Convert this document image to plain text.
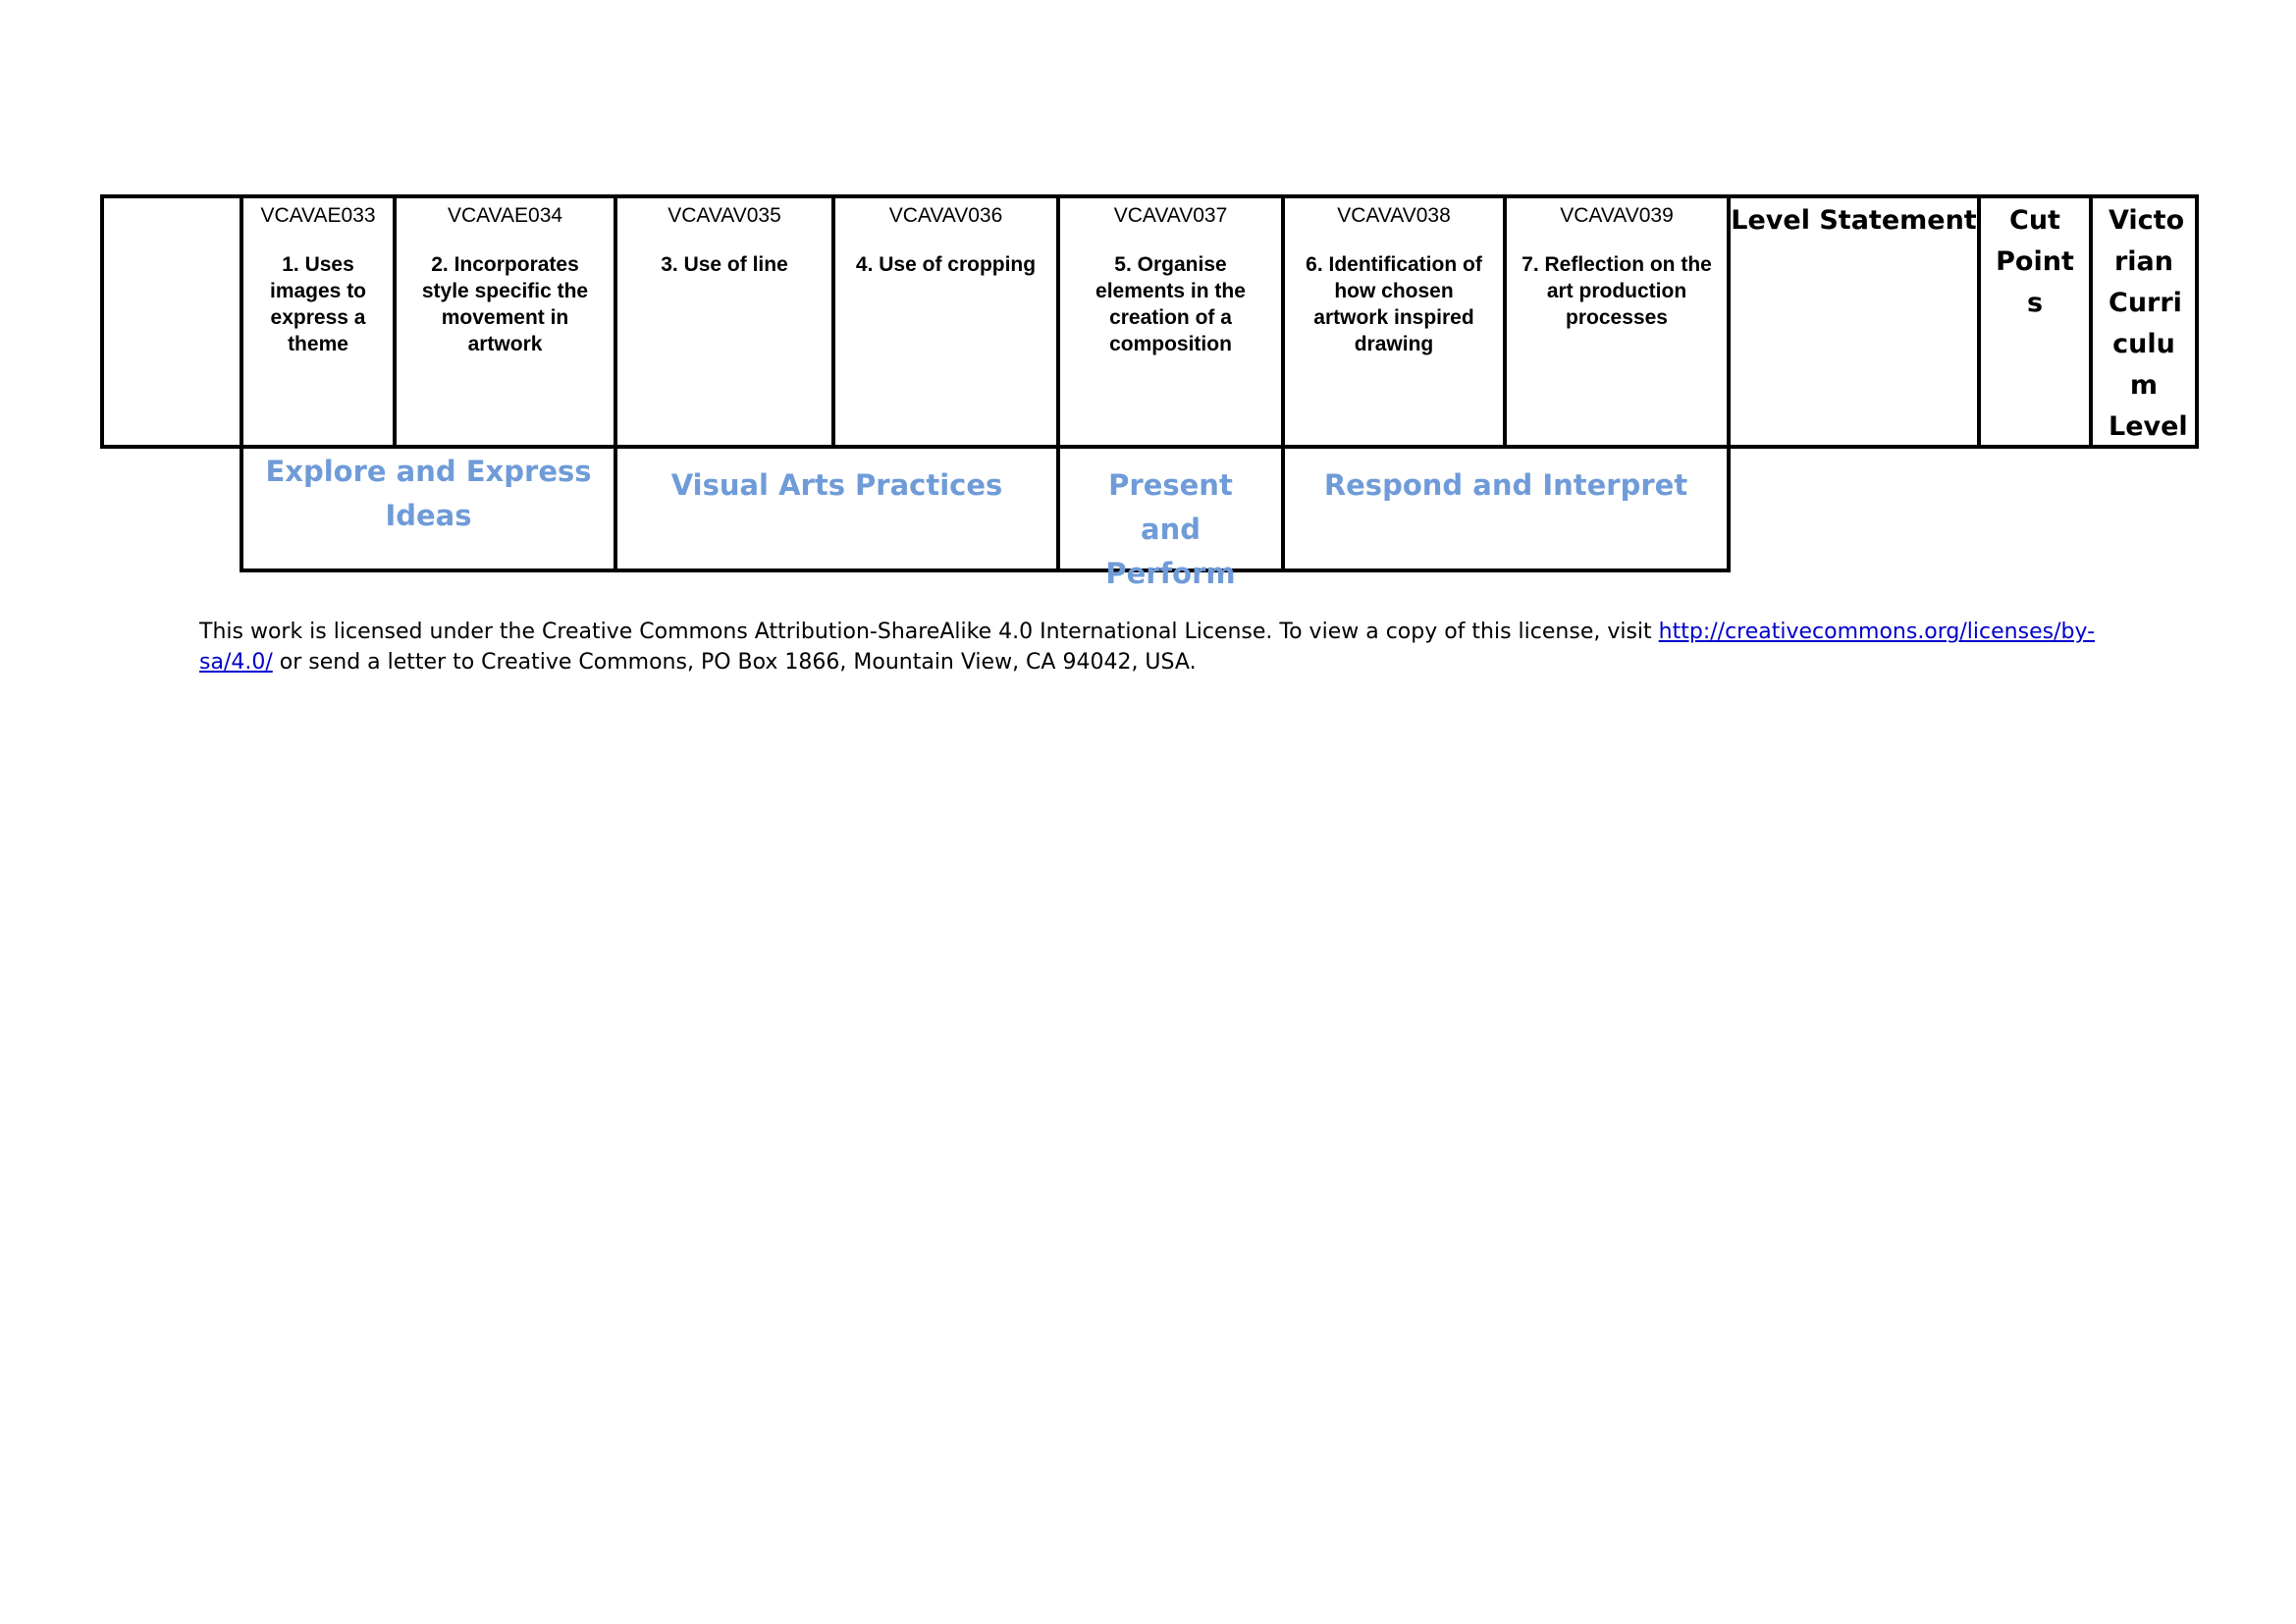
VCAVAE033
1. Uses images to express a theme
VCAVAE034
2. Incorporates style specific the movement in artwork
VCAVAV035
3. Use of line
VCAVAV036
4. Use of cropping
VCAVAV037
5. Organise elements in the creation of a composition
VCAVAV038
6. Identification of how chosen artwork inspired drawing
VCAVAV039
7. Reflection on the art production processes
Level Statement	Cut Point s
Victo rian Curri culu m Level
Explore and Express Ideas
Visual Arts Practices	Present and Perform
Respond and Interpret
This work is licensed under the Creative Commons Attribution-ShareAlike 4.0 International License. To view a copy of this license, visit http://creativecommons.org/licenses/by-sa/4.0/ or send a letter to Creative Commons, PO Box 1866, Mountain View, CA 94042, USA.
